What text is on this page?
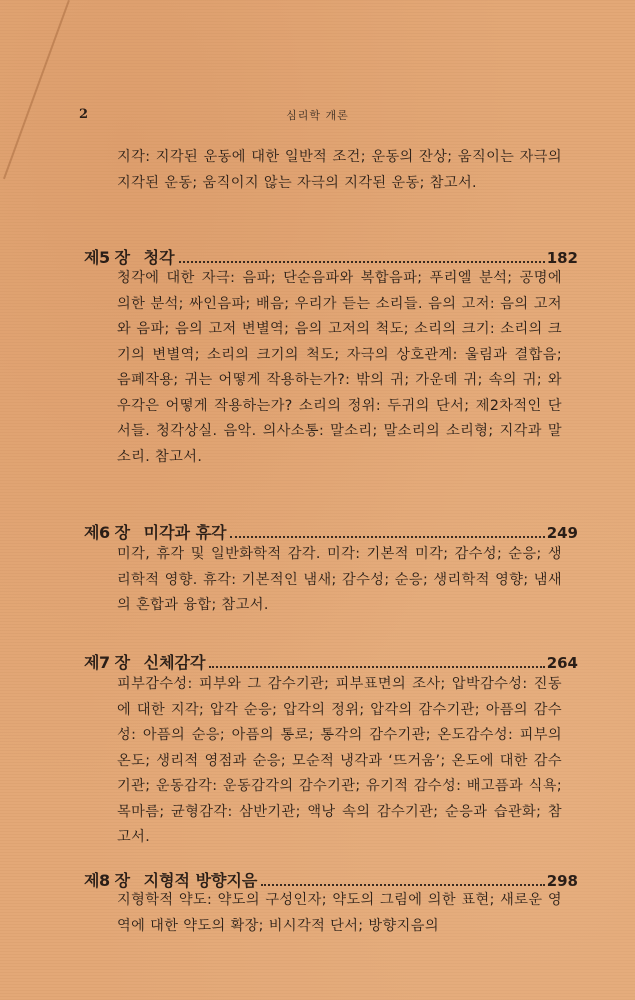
2	심리학 개론

지각: 지각된 운동에 대한 일반적 조건; 운동의 잔상; 움직이는 자극의 지각된 운동; 움직이지 않는 자극의 지각된 운동; 참고서.

제5 장 청각	182

청각에 대한 자극: 음파; 단순음파와 복합음파; 푸리엘 분석; 공명에 의한 분석; 싸인음파; 배음; 우리가 듣는 소리들. 음의 고저: 음의 고저와 음파; 음의 고저 변별역; 음의 고저의 척도; 소리의 크기: 소리의 크기의 변별역; 소리의 크기의 척도; 자극의 상호관계: 울림과 결합음; 음폐작용; 귀는 어떻게 작용하는가?: 밖의 귀; 가운데 귀; 속의 귀; 와우각은 어떻게 작용하는가? 소리의 정위: 두귀의 단서; 제2차적인 단서들. 청각상실. 음악. 의사소통: 말소리; 말소리의 소리형; 지각과 말소리. 참고서.

제6 장 미각과 휴각	249

미각, 휴각 및 일반화학적 감각. 미각: 기본적 미각; 감수성; 순응; 생리학적 영향. 휴각: 기본적인 냄새; 감수성; 순응; 생리학적 영향; 냄새의 혼합과 융합; 참고서.

제7 장 신체감각	264

피부감수성: 피부와 그 감수기관; 피부표면의 조사; 압박감수성: 진동에 대한 지각; 압각 순응; 압각의 정위; 압각의 감수기관; 아픔의 감수성: 아픔의 순응; 아픔의 통로; 통각의 감수기관; 온도감수성: 피부의 온도; 생리적 영점과 순응; 모순적 냉각과 ‘뜨거움’; 온도에 대한 감수기관; 운동감각: 운동감각의 감수기관; 유기적 감수성: 배고픔과 식욕; 목마름; 균형감각: 삼반기관; 액낭 속의 감수기관; 순응과 습관화; 참고서.

제8 장 지형적 방향지음	298

지형학적 약도: 약도의 구성인자; 약도의 그림에 의한 표현; 새로운 영역에 대한 약도의 확장; 비시각적 단서; 방향지음의
